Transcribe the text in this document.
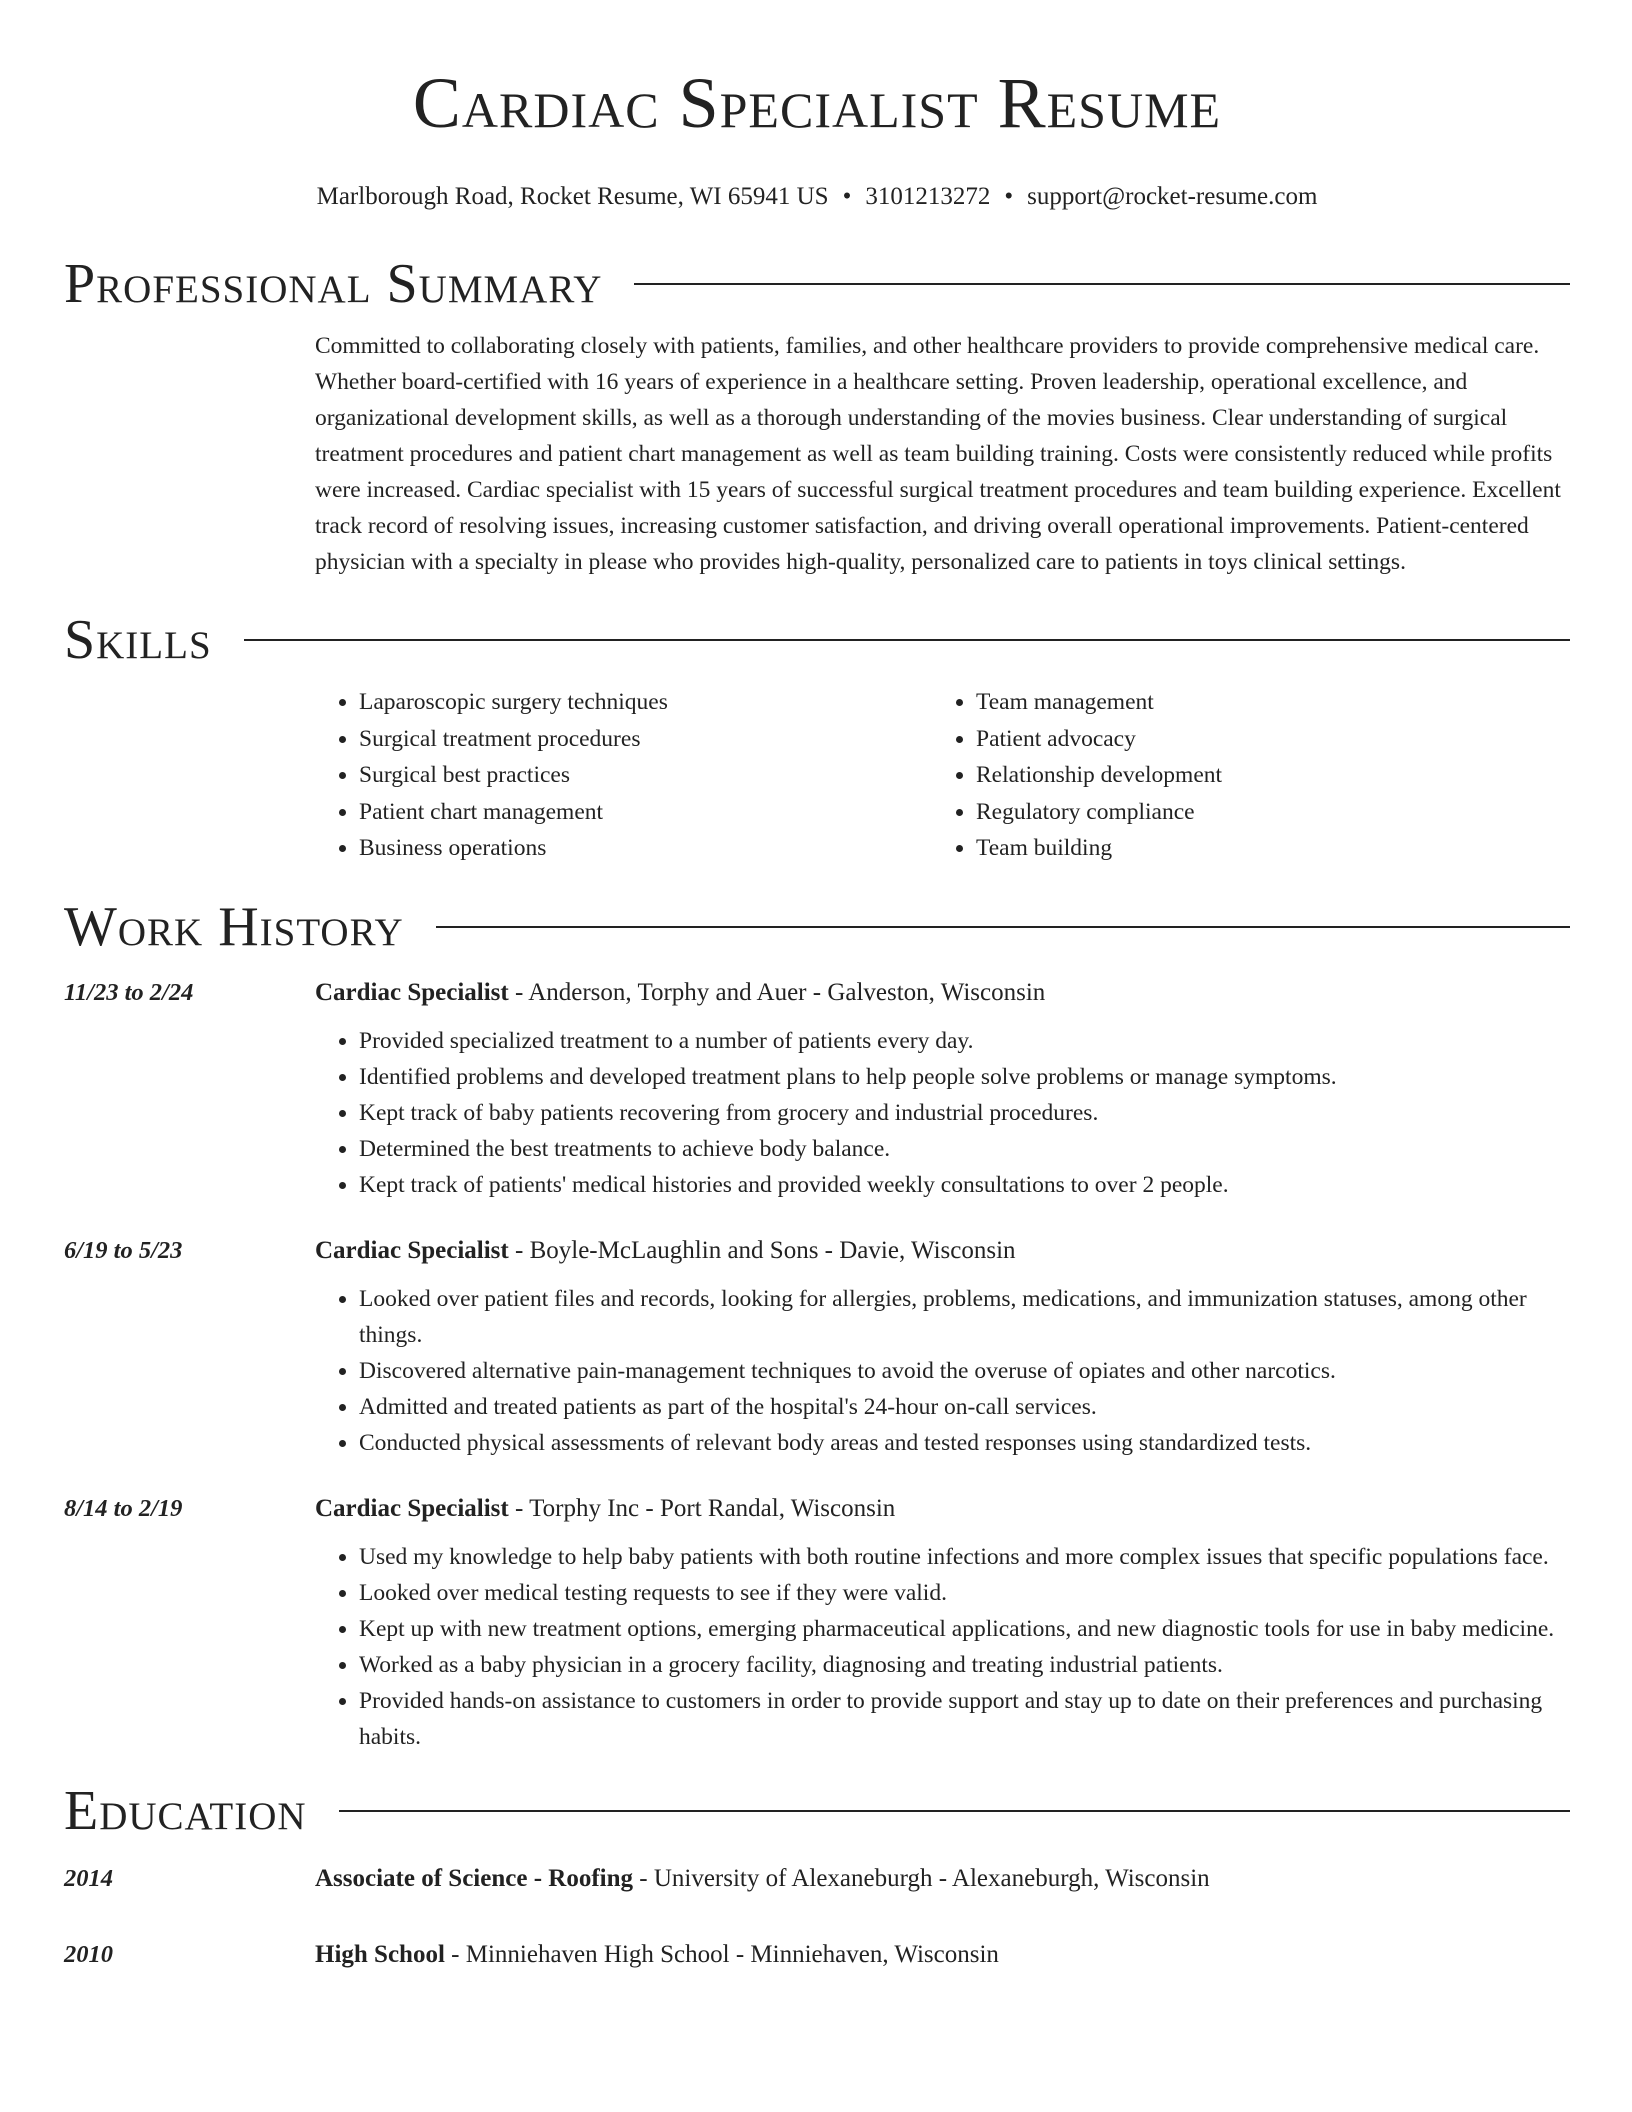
Cardiac Specialist Resume
Marlborough Road, Rocket Resume, WI 65941 US • 3101213272 • support@rocket-resume.com
Professional Summary
Committed to collaborating closely with patients, families, and other healthcare providers to provide comprehensive medical care. Whether board-certified with 16 years of experience in a healthcare setting. Proven leadership, operational excellence, and organizational development skills, as well as a thorough understanding of the movies business. Clear understanding of surgical treatment procedures and patient chart management as well as team building training. Costs were consistently reduced while profits were increased. Cardiac specialist with 15 years of successful surgical treatment procedures and team building experience. Excellent track record of resolving issues, increasing customer satisfaction, and driving overall operational improvements. Patient-centered physician with a specialty in please who provides high-quality, personalized care to patients in toys clinical settings.
Skills
• Laparoscopic surgery techniques
• Surgical treatment procedures
• Surgical best practices
• Patient chart management
• Business operations
• Team management
• Patient advocacy
• Relationship development
• Regulatory compliance
• Team building
Work History
11/23 to 2/24	Cardiac Specialist - Anderson, Torphy and Auer - Galveston, Wisconsin
• Provided specialized treatment to a number of patients every day.
• Identified problems and developed treatment plans to help people solve problems or manage symptoms.
• Kept track of baby patients recovering from grocery and industrial procedures.
• Determined the best treatments to achieve body balance.
• Kept track of patients' medical histories and provided weekly consultations to over 2 people.
6/19 to 5/23	Cardiac Specialist - Boyle-McLaughlin and Sons - Davie, Wisconsin
• Looked over patient files and records, looking for allergies, problems, medications, and immunization statuses, among other things.
• Discovered alternative pain-management techniques to avoid the overuse of opiates and other narcotics.
• Admitted and treated patients as part of the hospital's 24-hour on-call services.
• Conducted physical assessments of relevant body areas and tested responses using standardized tests.
8/14 to 2/19	Cardiac Specialist - Torphy Inc - Port Randal, Wisconsin
• Used my knowledge to help baby patients with both routine infections and more complex issues that specific populations face.
• Looked over medical testing requests to see if they were valid.
• Kept up with new treatment options, emerging pharmaceutical applications, and new diagnostic tools for use in baby medicine.
• Worked as a baby physician in a grocery facility, diagnosing and treating industrial patients.
• Provided hands-on assistance to customers in order to provide support and stay up to date on their preferences and purchasing habits.
Education
2014	Associate of Science - Roofing - University of Alexaneburgh - Alexaneburgh, Wisconsin
2010	High School - Minniehaven High School - Minniehaven, Wisconsin
